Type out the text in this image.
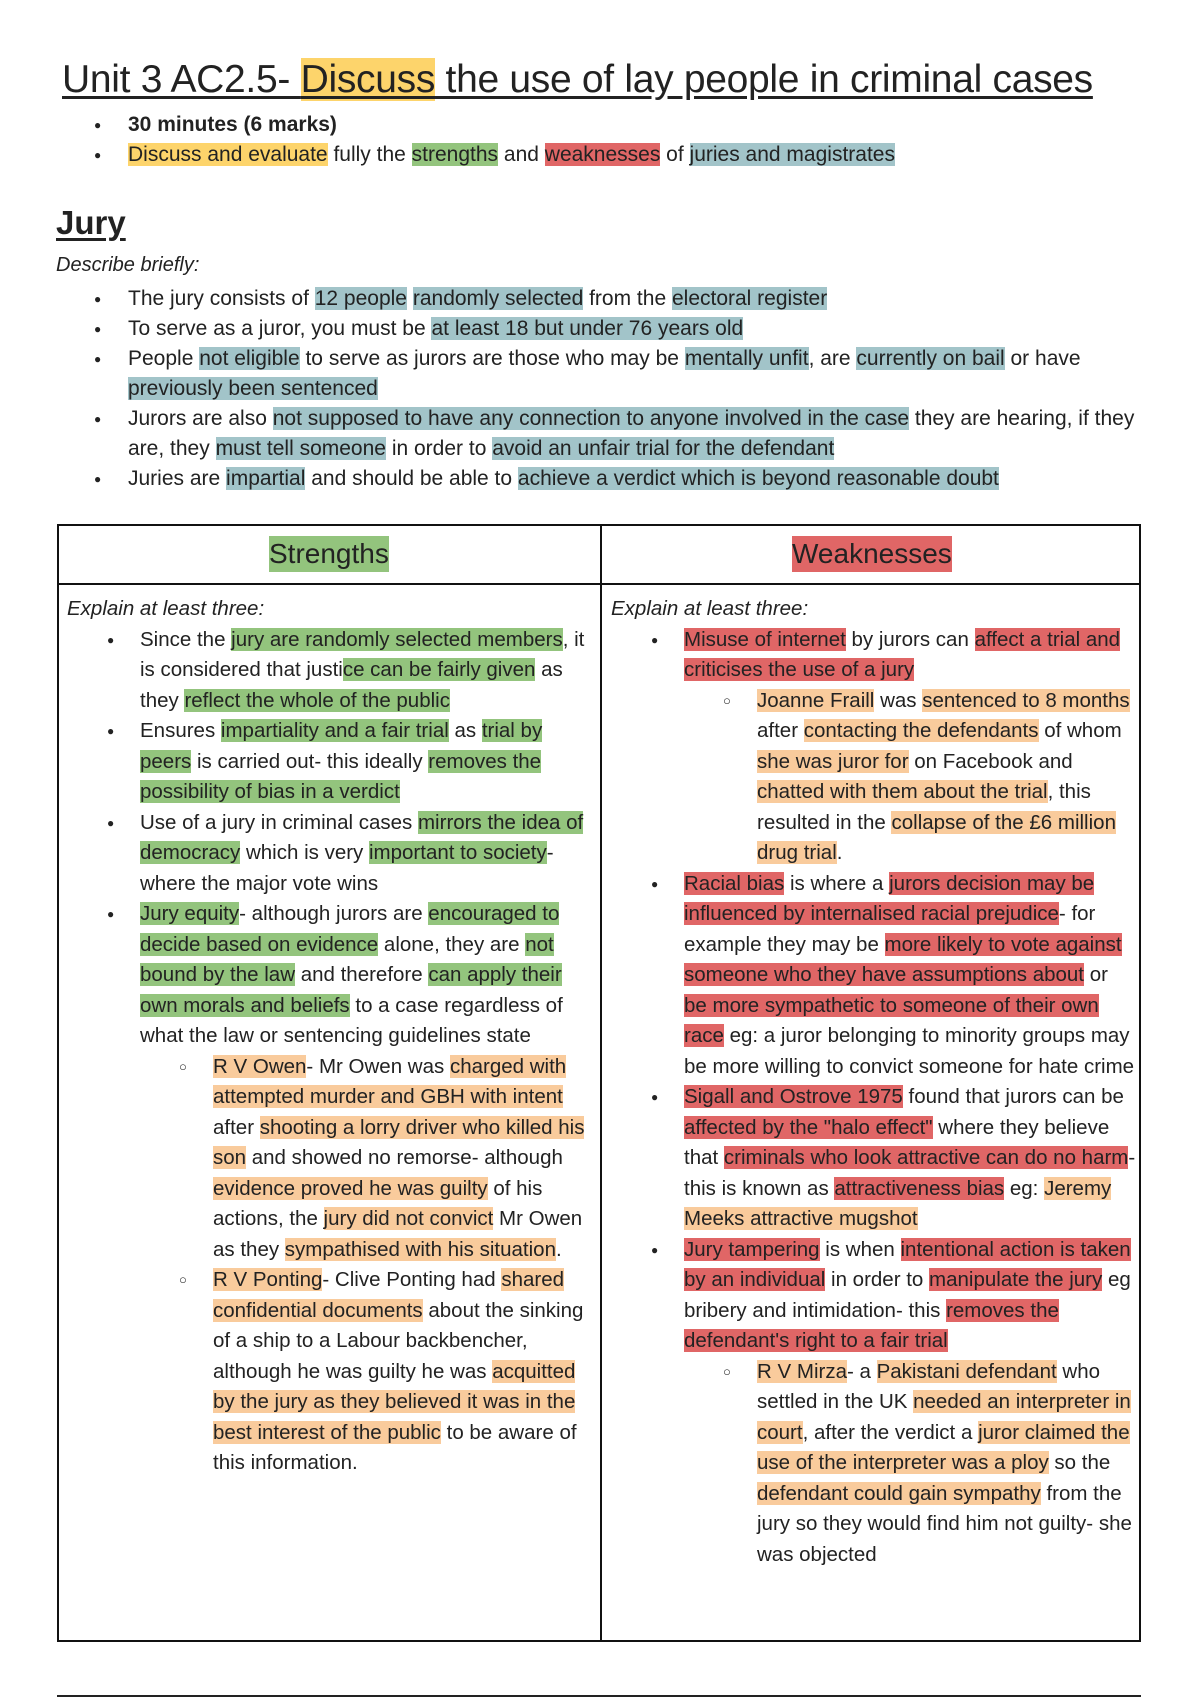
Unit 3 AC2.5- Discuss the use of lay people in criminal cases
● 30 minutes (6 marks)
● Discuss and evaluate fully the strengths and weaknesses of juries and magistrates
Jury
Describe briefly:
● The jury consists of 12 people randomly selected from the electoral register
● To serve as a juror, you must be at least 18 but under 76 years old
● People not eligible to serve as jurors are those who may be mentally unfit, are currently on bail or have previously been sentenced
● Jurors are also not supposed to have any connection to anyone involved in the case they are hearing, if they are, they must tell someone in order to avoid an unfair trial for the defendant
● Juries are impartial and should be able to achieve a verdict which is beyond reasonable doubt
Strengths	Weaknesses
Explain at least three:
● Since the jury are randomly selected members, it is considered that justice can be fairly given as they reflect the whole of the public
● Ensures impartiality and a fair trial as trial by peers is carried out- this ideally removes the possibility of bias in a verdict
● Use of a jury in criminal cases mirrors the idea of democracy which is very important to society- where the major vote wins
● Jury equity- although jurors are encouraged to decide based on evidence alone, they are not bound by the law and therefore can apply their own morals and beliefs to a case regardless of what the law or sentencing guidelines state
○ R V Owen- Mr Owen was charged with attempted murder and GBH with intent after shooting a lorry driver who killed his son and showed no remorse- although evidence proved he was guilty of his actions, the jury did not convict Mr Owen as they sympathised with his situation.
○ R V Ponting- Clive Ponting had shared confidential documents about the sinking of a ship to a Labour backbencher, although he was guilty he was acquitted by the jury as they believed it was in the best interest of the public to be aware of this information.
Explain at least three:
● Misuse of internet by jurors can affect a trial and criticises the use of a jury
○ Joanne Fraill was sentenced to 8 months after contacting the defendants of whom she was juror for on Facebook and chatted with them about the trial, this resulted in the collapse of the £6 million drug trial.
● Racial bias is where a jurors decision may be influenced by internalised racial prejudice- for example they may be more likely to vote against someone who they have assumptions about or be more sympathetic to someone of their own race eg: a juror belonging to minority groups may be more willing to convict someone for hate crime
● Sigall and Ostrove 1975 found that jurors can be affected by the "halo effect" where they believe that criminals who look attractive can do no harm- this is known as attractiveness bias eg: Jeremy Meeks attractive mugshot
● Jury tampering is when intentional action is taken by an individual in order to manipulate the jury eg bribery and intimidation- this removes the defendant's right to a fair trial
○ R V Mirza- a Pakistani defendant who settled in the UK needed an interpreter in court, after the verdict a juror claimed the use of the interpreter was a ploy so the defendant could gain sympathy from the jury so they would find him not guilty- she was objected
